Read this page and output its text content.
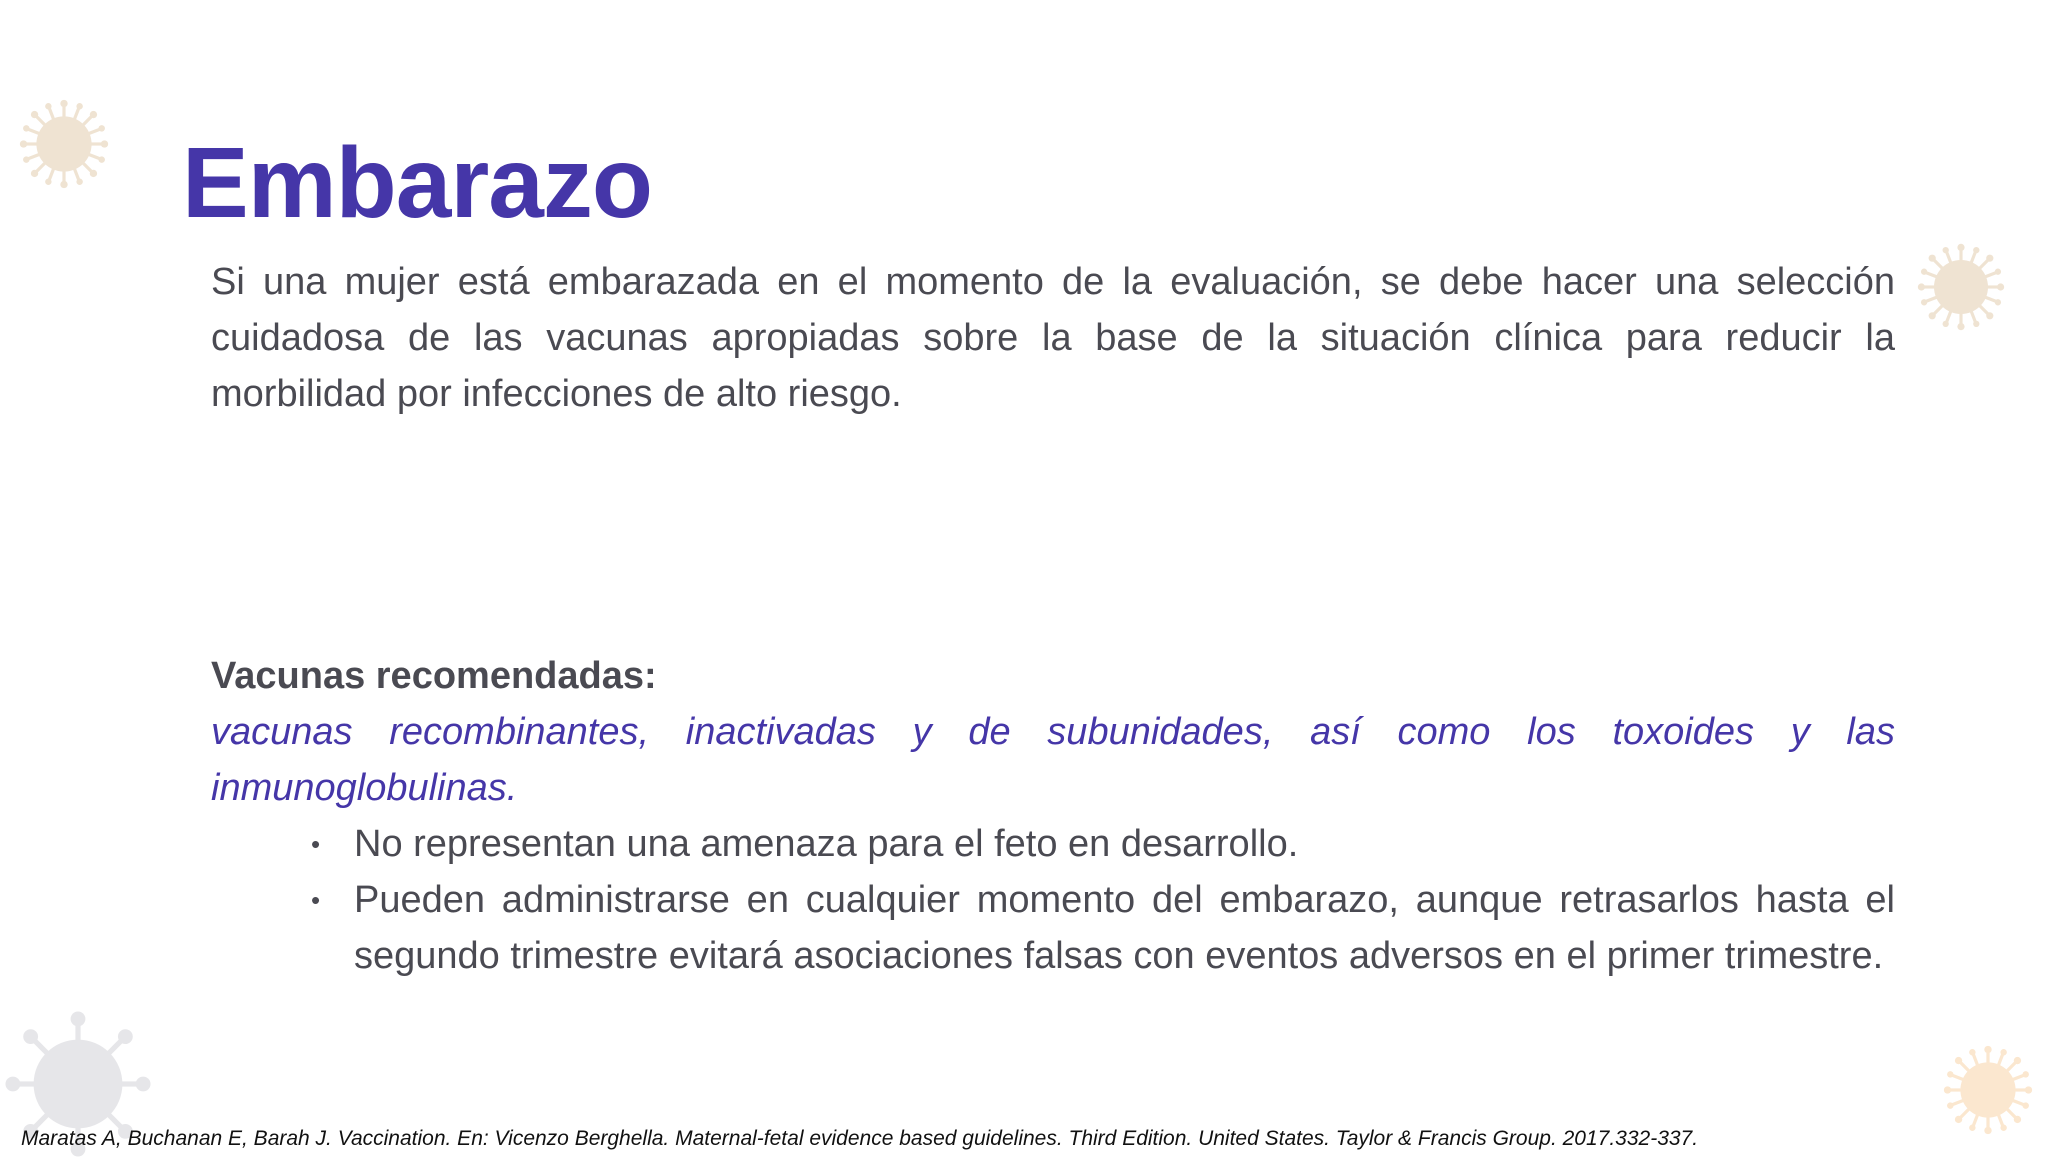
Embarazo

Si una mujer está embarazada en el momento de la evaluación, se debe hacer una selección cuidadosa de las vacunas apropiadas sobre la base de la situación clínica para reducir la morbilidad por infecciones de alto riesgo.

Vacunas recomendadas:

vacunas recombinantes, inactivadas y de subunidades, así como los toxoides y las inmunoglobulinas.

• No representan una amenaza para el feto en desarrollo.
• Pueden administrarse en cualquier momento del embarazo, aunque retrasarlos hasta el segundo trimestre evitará asociaciones falsas con eventos adversos en el primer trimestre.

Maratas A, Buchanan E, Barah J. Vaccination. En: Vicenzo Berghella. Maternal-fetal evidence based guidelines. Third Edition. United States. Taylor & Francis Group. 2017.332-337.
